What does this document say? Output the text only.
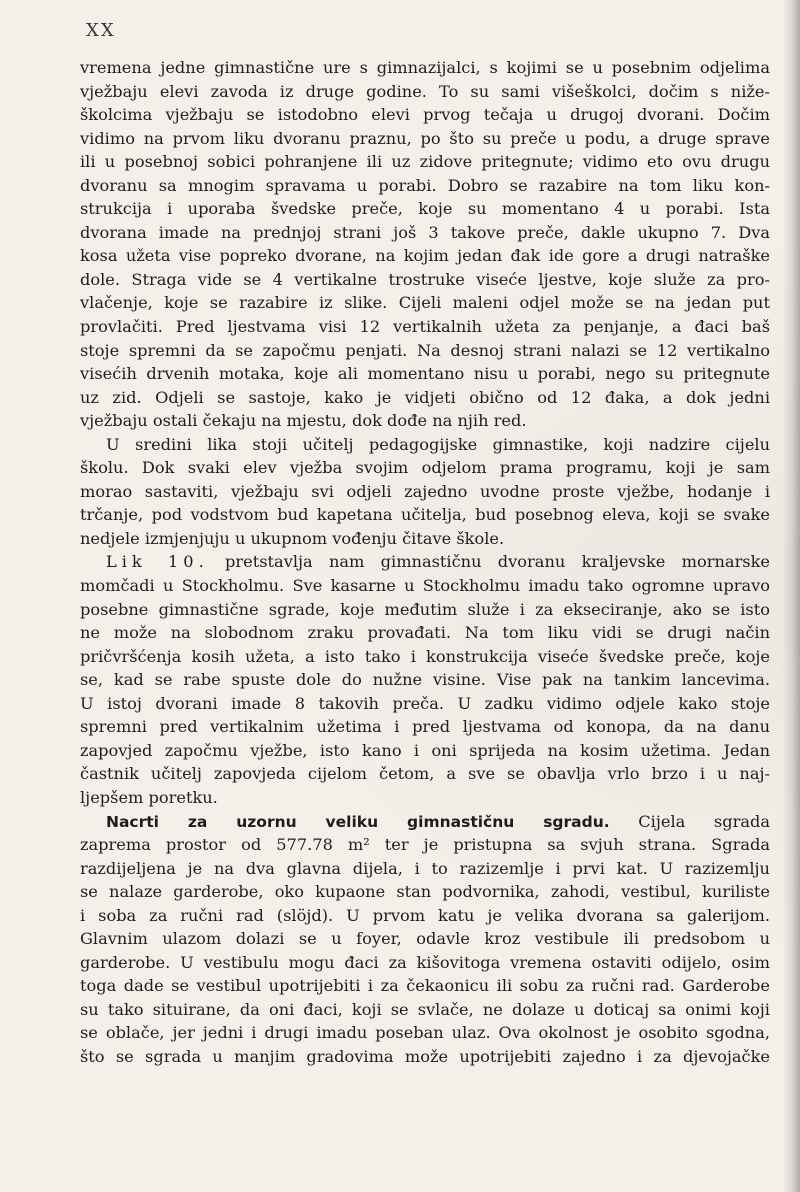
XX
vremena jedne gimnastične ure s gimnazijalci, s kojimi se u posebnim odjelima
vježbaju elevi zavoda iz druge godine. To su sami višeškolci, dočim s niže-
školcima vježbaju se istodobno elevi prvog tečaja u drugoj dvorani. Dočim
vidimo na prvom liku dvoranu praznu, po što su preče u podu, a druge sprave
ili u posebnoj sobici pohranjene ili uz zidove pritegnute; vidimo eto ovu drugu
dvoranu sa mnogim spravama u porabi. Dobro se razabire na tom liku kon-
strukcija i uporaba švedske preče, koje su momentano 4 u porabi. Ista
dvorana imade na prednjoj strani još 3 takove preče, dakle ukupno 7. Dva
kosa užeta vise popreko dvorane, na kojim jedan đak ide gore a drugi natraške
dole. Straga vide se 4 vertikalne trostruke viseće ljestve, koje služe za pro-
vlačenje, koje se razabire iz slike. Cijeli maleni odjel može se na jedan put
provlačiti. Pred ljestvama visi 12 vertikalnih užeta za penjanje, a đaci baš
stoje spremni da se započmu penjati. Na desnoj strani nalazi se 12 vertikalno
visećih drvenih motaka, koje ali momentano nisu u porabi, nego su pritegnute
uz zid. Odjeli se sastoje, kako je vidjeti obično od 12 đaka, a dok jedni
vježbaju ostali čekaju na mjestu, dok dođe na njih red.
U sredini lika stoji učitelj pedagogijske gimnastike, koji nadzire cijelu
školu. Dok svaki elev vježba svojim odjelom prama programu, koji je sam
morao sastaviti, vježbaju svi odjeli zajedno uvodne proste vježbe, hodanje i
trčanje, pod vodstvom bud kapetana učitelja, bud posebnog eleva, koji se svake
nedjele izmjenjuju u ukupnom vođenju čitave škole.
Lik 10. pretstavlja nam gimnastičnu dvoranu kraljevske mornarske
momčadi u Stockholmu. Sve kasarne u Stockholmu imadu tako ogromne upravo
posebne gimnastične sgrade, koje međutim služe i za ekseciranje, ako se isto
ne može na slobodnom zraku provađati. Na tom liku vidi se drugi način
pričvršćenja kosih užeta, a isto tako i konstrukcija viseće švedske preče, koje
se, kad se rabe spuste dole do nužne visine. Vise pak na tankim lancevima.
U istoj dvorani imade 8 takovih preča. U zadku vidimo odjele kako stoje
spremni pred vertikalnim užetima i pred ljestvama od konopa, da na danu
zapovjed započmu vježbe, isto kano i oni sprijeda na kosim užetima. Jedan
častnik učitelj zapovjeda cijelom četom, a sve se obavlja vrlo brzo i u naj-
ljepšem poretku.
Nacrti za uzornu veliku gimnastičnu sgradu. Cijela sgrada
zaprema prostor od 577.78 m² ter je pristupna sa svjuh strana. Sgrada
razdijeljena je na dva glavna dijela, i to razizemlje i prvi kat. U razizemlju
se nalaze garderobe, oko kupaone stan podvornika, zahodi, vestibul, kuriliste
i soba za ručni rad (slöjd). U prvom katu je velika dvorana sa galerijom.
Glavnim ulazom dolazi se u foyer, odavle kroz vestibule ili predsobom u
garderobe. U vestibulu mogu đaci za kišovitoga vremena ostaviti odijelo, osim
toga dade se vestibul upotrijebiti i za čekaonicu ili sobu za ručni rad. Garderobe
su tako situirane, da oni đaci, koji se svlače, ne dolaze u doticaj sa onimi koji
se oblače, jer jedni i drugi imadu poseban ulaz. Ova okolnost je osobito sgodna,
što se sgrada u manjim gradovima može upotrijebiti zajedno i za djevojačke
